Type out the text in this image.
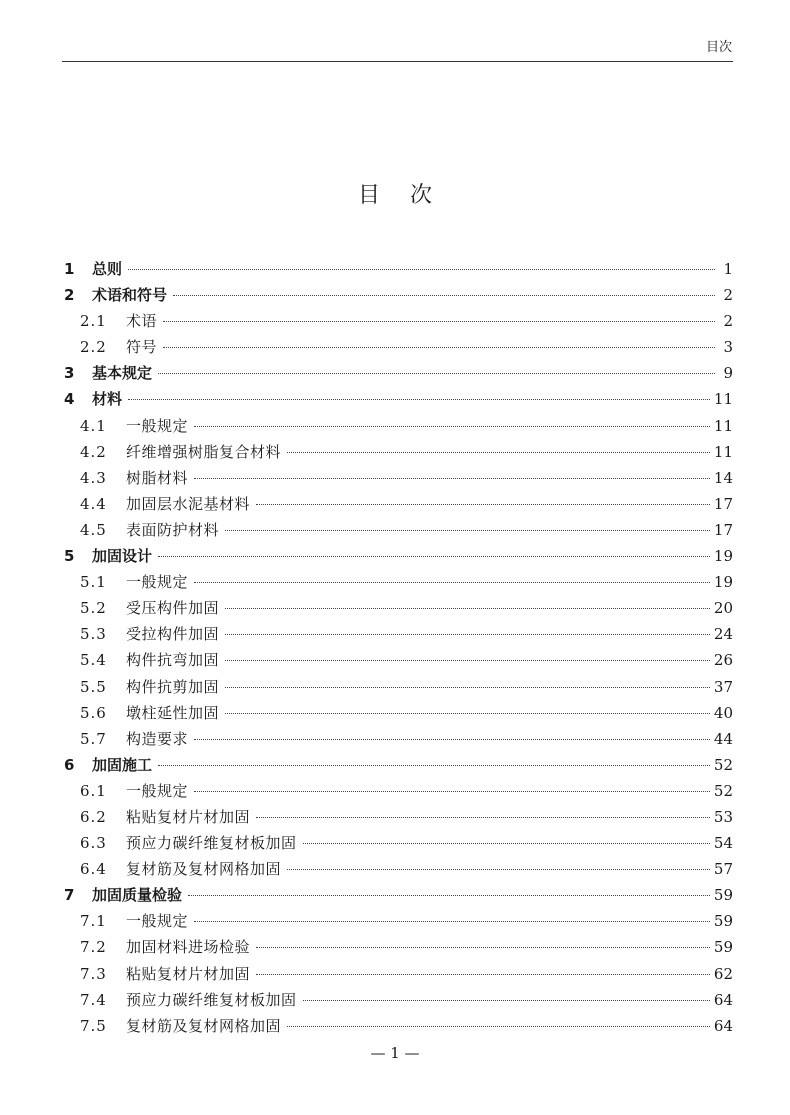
目次
目次
1	总则	1
2	术语和符号	2
2.1	术语	2
2.2	符号	3
3	基本规定	9
4	材料	11
4.1	一般规定	11
4.2	纤维增强树脂复合材料	11
4.3	树脂材料	14
4.4	加固层水泥基材料	17
4.5	表面防护材料	17
5	加固设计	19
5.1	一般规定	19
5.2	受压构件加固	20
5.3	受拉构件加固	24
5.4	构件抗弯加固	26
5.5	构件抗剪加固	37
5.6	墩柱延性加固	40
5.7	构造要求	44
6	加固施工	52
6.1	一般规定	52
6.2	粘贴复材片材加固	53
6.3	预应力碳纤维复材板加固	54
6.4	复材筋及复材网格加固	57
7	加固质量检验	59
7.1	一般规定	59
7.2	加固材料进场检验	59
7.3	粘贴复材片材加固	62
7.4	预应力碳纤维复材板加固	64
7.5	复材筋及复材网格加固	64
— 1 —
